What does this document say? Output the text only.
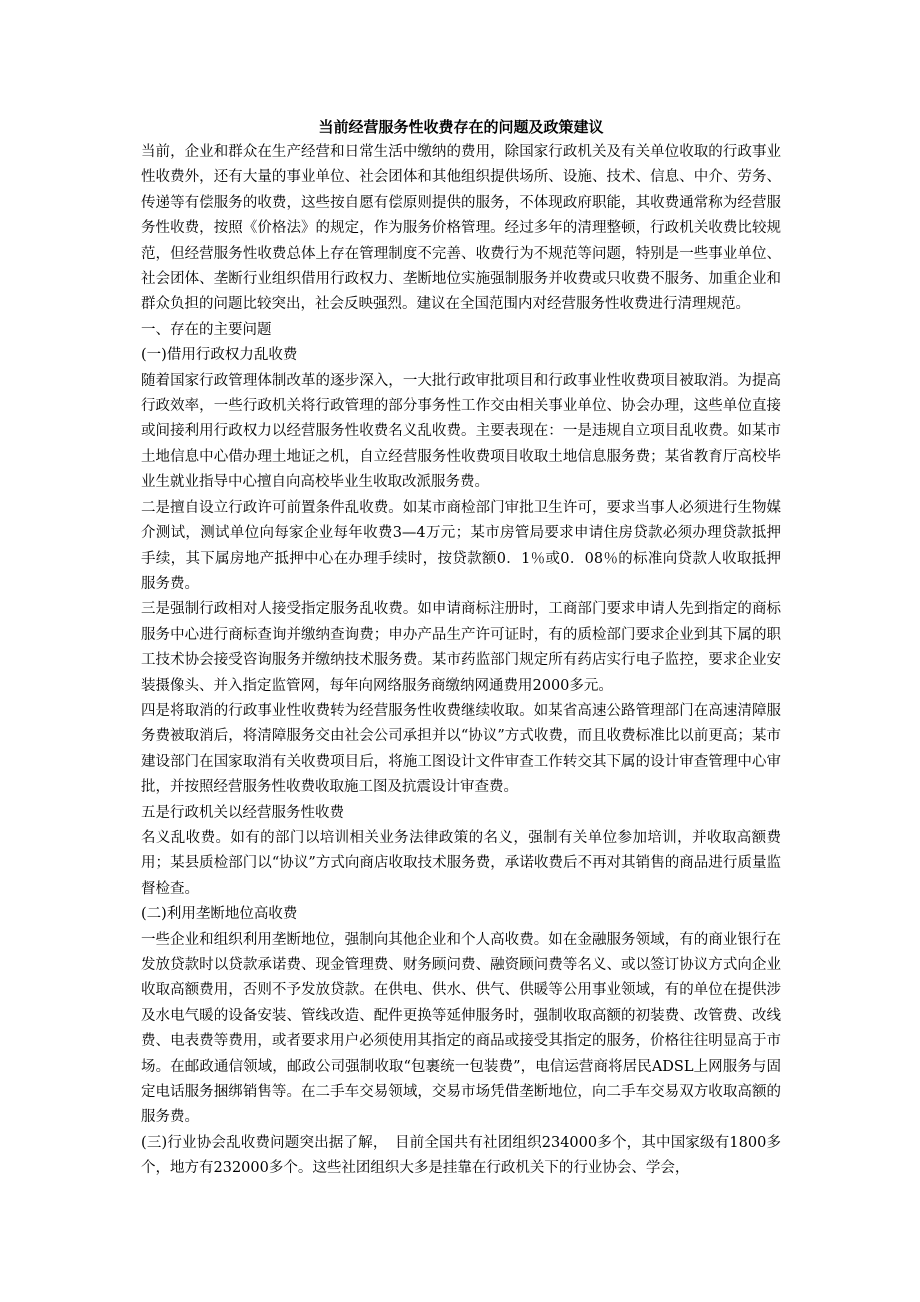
当前经营服务性收费存在的问题及政策建议

当前，企业和群众在生产经营和日常生活中缴纳的费用，除国家行政机关及有关单位收取的行政事业性收费外，还有大量的事业单位、社会团体和其他组织提供场所、设施、技术、信息、中介、劳务、传递等有偿服务的收费，这些按自愿有偿原则提供的服务，不体现政府职能，其收费通常称为经营服务性收费，按照《价格法》的规定，作为服务价格管理。经过多年的清理整顿，行政机关收费比较规范，但经营服务性收费总体上存在管理制度不完善、收费行为不规范等问题，特别是一些事业单位、社会团体、垄断行业组织借用行政权力、垄断地位实施强制服务并收费或只收费不服务、加重企业和群众负担的问题比较突出，社会反映强烈。建议在全国范围内对经营服务性收费进行清理规范。

一、存在的主要问题

(一)借用行政权力乱收费

随着国家行政管理体制改革的逐步深入，一大批行政审批项目和行政事业性收费项目被取消。为提高行政效率，一些行政机关将行政管理的部分事务性工作交由相关事业单位、协会办理，这些单位直接或间接利用行政权力以经营服务性收费名义乱收费。主要表现在：一是违规自立项目乱收费。如某市土地信息中心借办理土地证之机，自立经营服务性收费项目收取土地信息服务费；某省教育厅高校毕业生就业指导中心擅自向高校毕业生收取改派服务费。

二是擅自设立行政许可前置条件乱收费。如某市商检部门审批卫生许可，要求当事人必须进行生物媒介测试，测试单位向每家企业每年收费3—4万元；某市房管局要求申请住房贷款必须办理贷款抵押手续，其下属房地产抵押中心在办理手续时，按贷款额0．1％或0．08％的标准向贷款人收取抵押服务费。

三是强制行政相对人接受指定服务乱收费。如申请商标注册时，工商部门要求申请人先到指定的商标服务中心进行商标查询并缴纳查询费；申办产品生产许可证时，有的质检部门要求企业到其下属的职工技术协会接受咨询服务并缴纳技术服务费。某市药监部门规定所有药店实行电子监控，要求企业安装摄像头、并入指定监管网，每年向网络服务商缴纳网通费用2000多元。

四是将取消的行政事业性收费转为经营服务性收费继续收取。如某省高速公路管理部门在高速清障服务费被取消后，将清障服务交由社会公司承担并以“协议”方式收费，而且收费标准比以前更高；某市建设部门在国家取消有关收费项目后，将施工图设计文件审查工作转交其下属的设计审查管理中心审批，并按照经营服务性收费收取施工图及抗震设计审查费。

五是行政机关以经营服务性收费

名义乱收费。如有的部门以培训相关业务法律政策的名义，强制有关单位参加培训，并收取高额费用；某县质检部门以“协议”方式向商店收取技术服务费，承诺收费后不再对其销售的商品进行质量监督检查。

(二)利用垄断地位高收费

一些企业和组织利用垄断地位，强制向其他企业和个人高收费。如在金融服务领域，有的商业银行在发放贷款时以贷款承诺费、现金管理费、财务顾问费、融资顾问费等名义、或以签订协议方式向企业收取高额费用，否则不予发放贷款。在供电、供水、供气、供暖等公用事业领域，有的单位在提供涉及水电气暖的设备安装、管线改造、配件更换等延伸服务时，强制收取高额的初装费、改管费、改线费、电表费等费用，或者要求用户必须使用其指定的商品或接受其指定的服务，价格往往明显高于市场。在邮政通信领域，邮政公司强制收取“包裹统一包装费”，电信运营商将居民ADSL上网服务与固定电话服务捆绑销售等。在二手车交易领域，交易市场凭借垄断地位，向二手车交易双方收取高额的服务费。

(三)行业协会乱收费问题突出据了解，　目前全国共有社团组织234000多个，其中国家级有1800多个，地方有232000多个。这些社团组织大多是挂靠在行政机关下的行业协会、学会，
